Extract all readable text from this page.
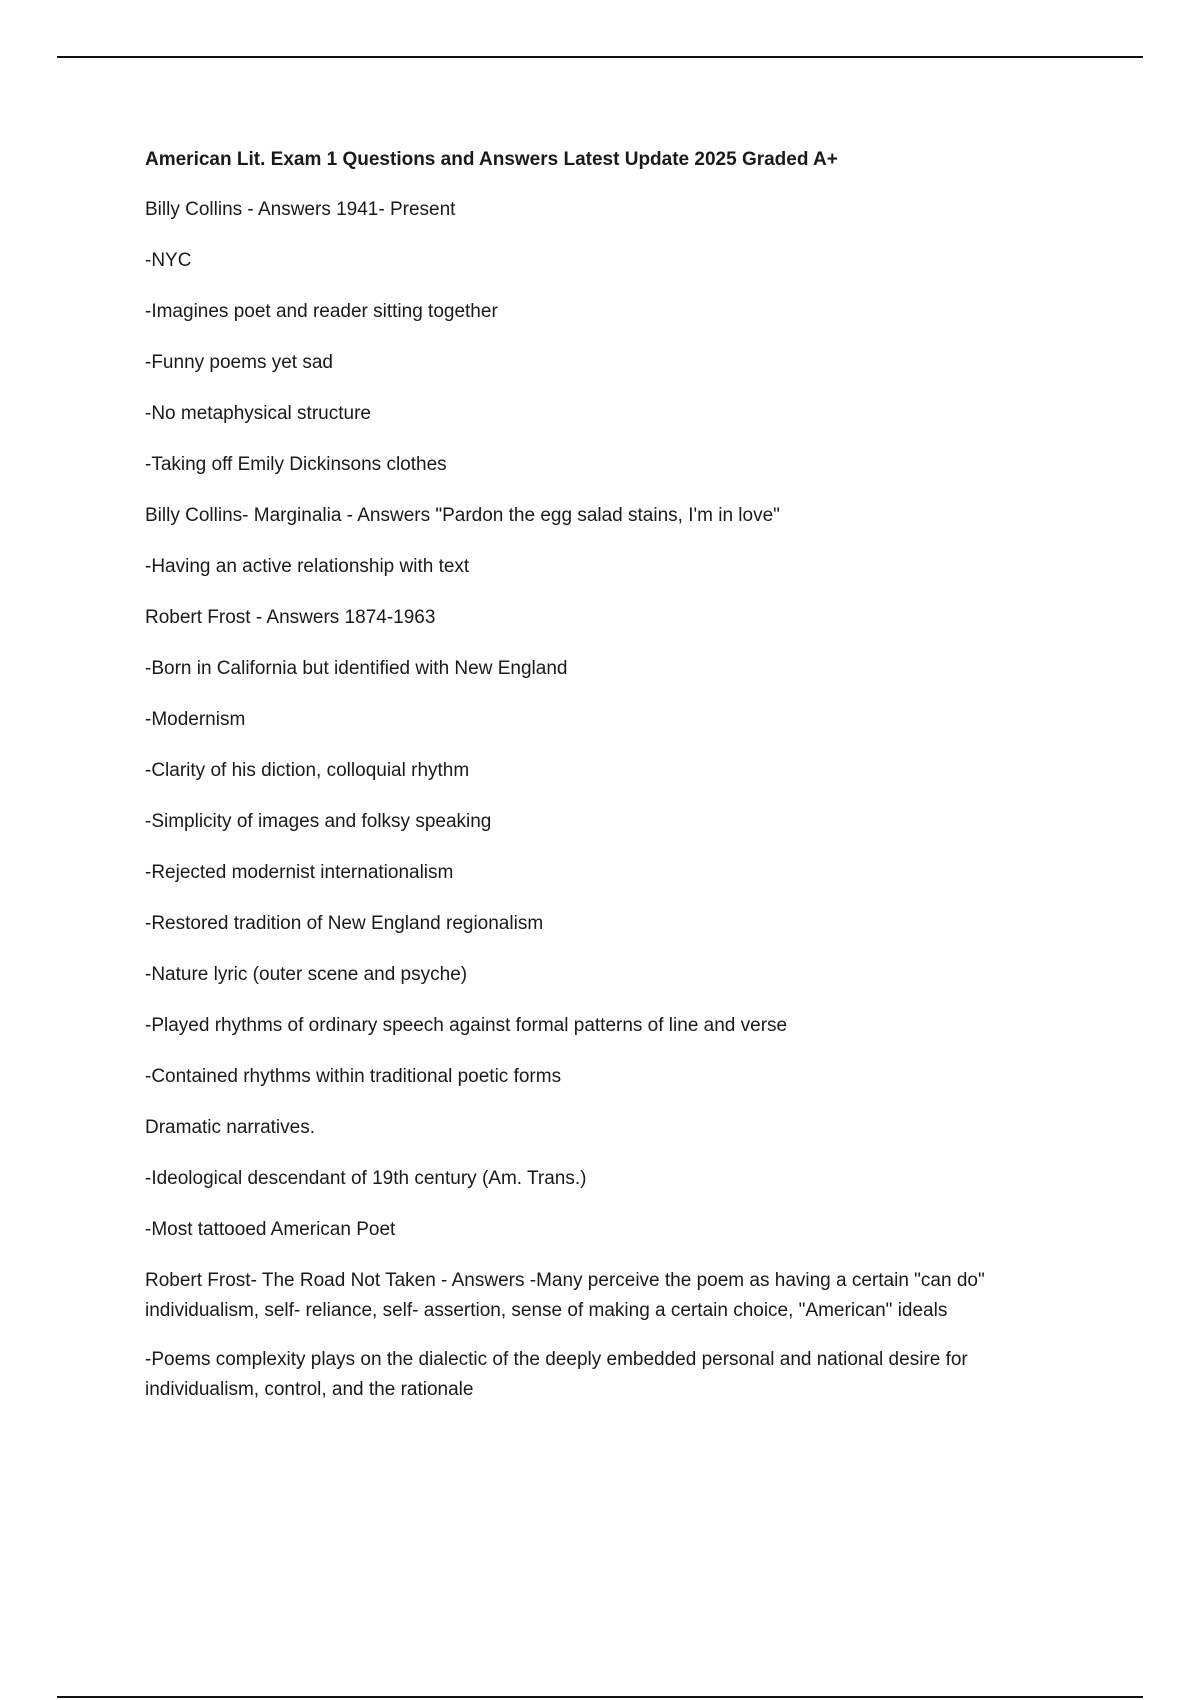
American Lit. Exam 1 Questions and Answers Latest Update 2025 Graded A+
Billy Collins - Answers 1941- Present
-NYC
-Imagines poet and reader sitting together
-Funny poems yet sad
-No metaphysical structure
-Taking off Emily Dickinsons clothes
Billy Collins- Marginalia - Answers "Pardon the egg salad stains, I'm in love"
-Having an active relationship with text
Robert Frost - Answers 1874-1963
-Born in California but identified with New England
-Modernism
-Clarity of his diction, colloquial rhythm
-Simplicity of images and folksy speaking
-Rejected modernist internationalism
-Restored tradition of New England regionalism
-Nature lyric (outer scene and psyche)
-Played rhythms of ordinary speech against formal patterns of line and verse
-Contained rhythms within traditional poetic forms
Dramatic narratives.
-Ideological descendant of 19th century (Am. Trans.)
-Most tattooed American Poet
Robert Frost- The Road Not Taken - Answers -Many perceive the poem as having a certain "can do" individualism, self- reliance, self- assertion, sense of making a certain choice, "American" ideals
-Poems complexity plays on the dialectic of the deeply embedded personal and national desire for individualism, control, and the rationale
